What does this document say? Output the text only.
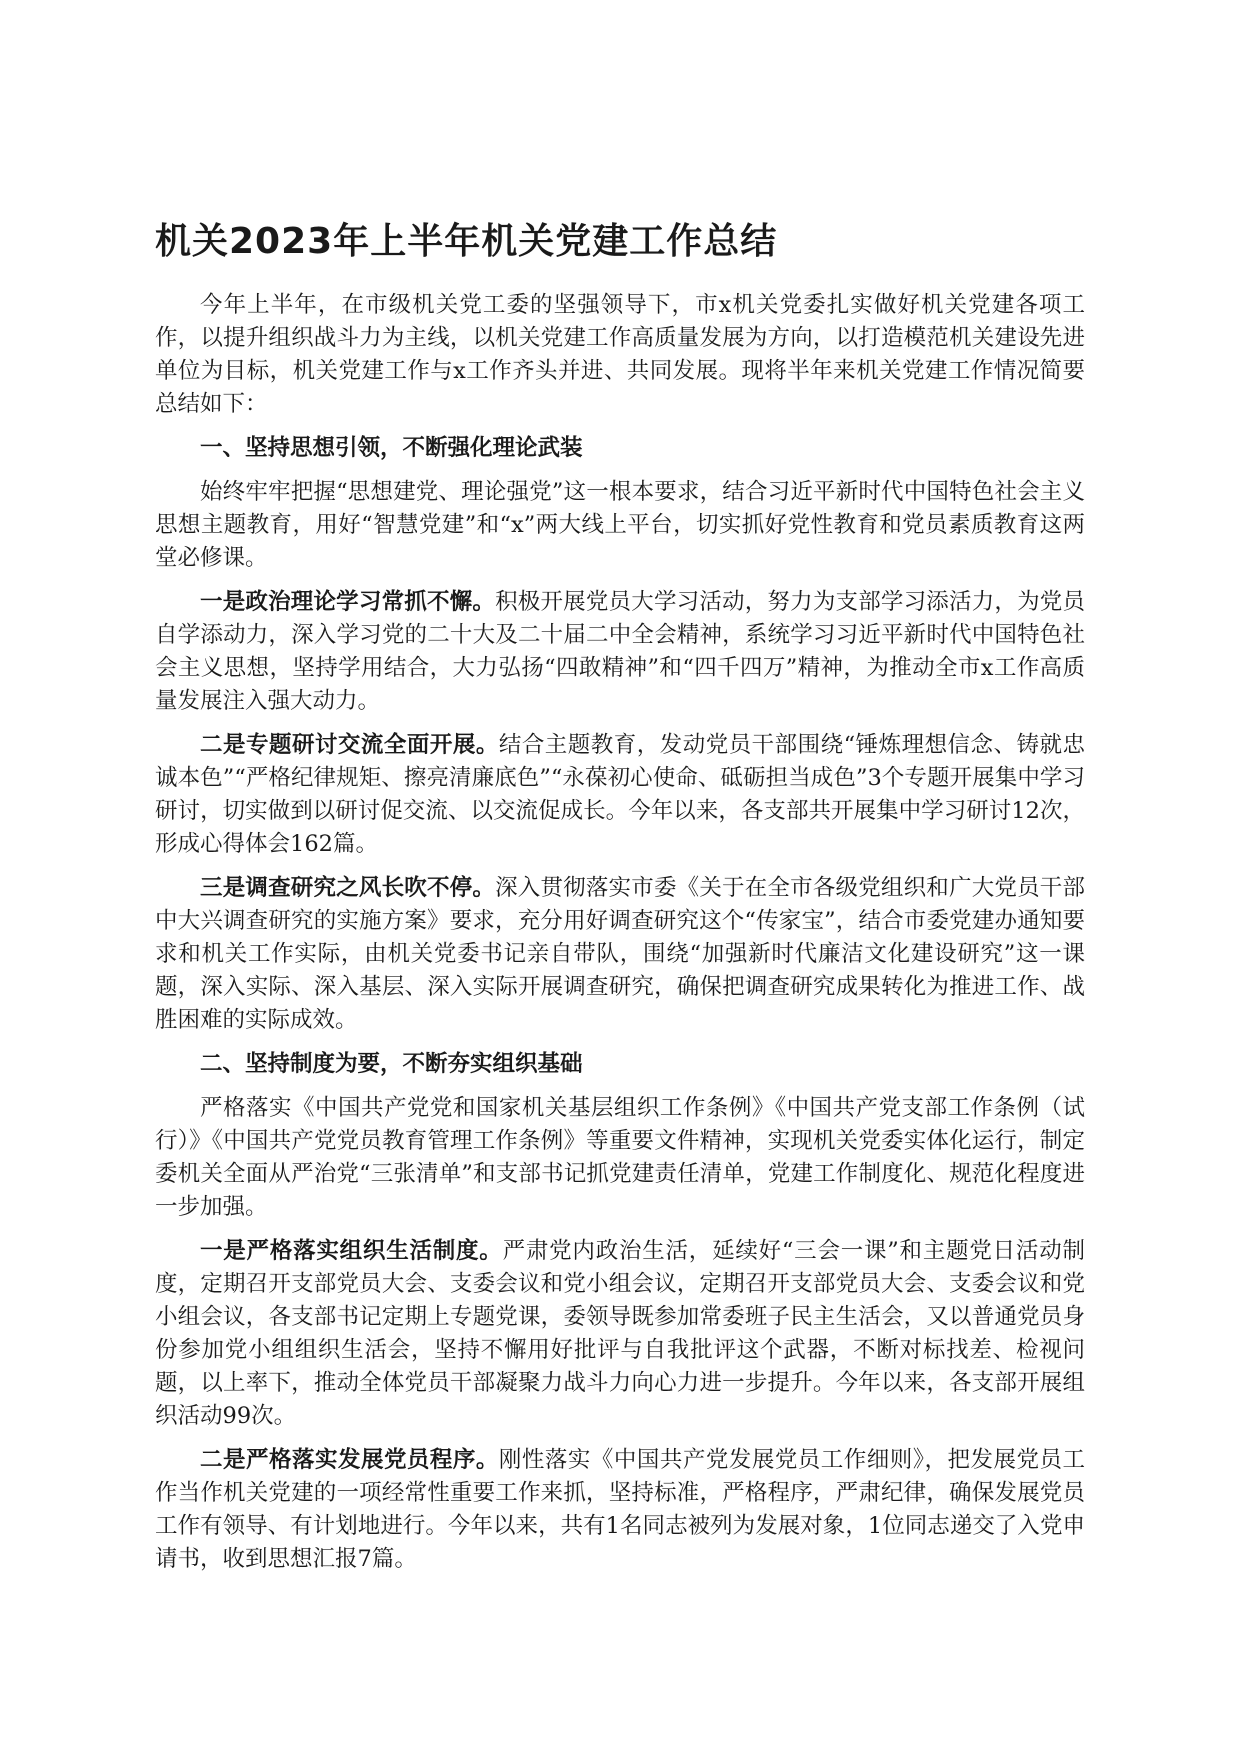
机关2023年上半年机关党建工作总结

今年上半年，在市级机关党工委的坚强领导下，市x机关党委扎实做好机关党建各项工作，以提升组织战斗力为主线，以机关党建工作高质量发展为方向，以打造模范机关建设先进单位为目标，机关党建工作与x工作齐头并进、共同发展。现将半年来机关党建工作情况简要总结如下：

一、坚持思想引领，不断强化理论武装

始终牢牢把握“思想建党、理论强党”这一根本要求，结合习近平新时代中国特色社会主义思想主题教育，用好“智慧党建”和“x”两大线上平台，切实抓好党性教育和党员素质教育这两堂必修课。

一是政治理论学习常抓不懈。积极开展党员大学习活动，努力为支部学习添活力，为党员自学添动力，深入学习党的二十大及二十届二中全会精神，系统学习习近平新时代中国特色社会主义思想，坚持学用结合，大力弘扬“四敢精神”和“四千四万”精神，为推动全市x工作高质量发展注入强大动力。

二是专题研讨交流全面开展。结合主题教育，发动党员干部围绕“锤炼理想信念、铸就忠诚本色”“严格纪律规矩、擦亮清廉底色”“永葆初心使命、砥砺担当成色”3个专题开展集中学习研讨，切实做到以研讨促交流、以交流促成长。今年以来，各支部共开展集中学习研讨12次，形成心得体会162篇。

三是调查研究之风长吹不停。深入贯彻落实市委《关于在全市各级党组织和广大党员干部中大兴调查研究的实施方案》要求，充分用好调查研究这个“传家宝”，结合市委党建办通知要求和机关工作实际，由机关党委书记亲自带队，围绕“加强新时代廉洁文化建设研究”这一课题，深入实际、深入基层、深入实际开展调查研究，确保把调查研究成果转化为推进工作、战胜困难的实际成效。

二、坚持制度为要，不断夯实组织基础

严格落实《中国共产党党和国家机关基层组织工作条例》《中国共产党支部工作条例（试行）》《中国共产党党员教育管理工作条例》等重要文件精神，实现机关党委实体化运行，制定委机关全面从严治党“三张清单”和支部书记抓党建责任清单，党建工作制度化、规范化程度进一步加强。

一是严格落实组织生活制度。严肃党内政治生活，延续好“三会一课”和主题党日活动制度，定期召开支部党员大会、支委会议和党小组会议，定期召开支部党员大会、支委会议和党小组会议，各支部书记定期上专题党课，委领导既参加常委班子民主生活会，又以普通党员身份参加党小组组织生活会，坚持不懈用好批评与自我批评这个武器，不断对标找差、检视问题，以上率下，推动全体党员干部凝聚力战斗力向心力进一步提升。今年以来，各支部开展组织活动99次。

二是严格落实发展党员程序。刚性落实《中国共产党发展党员工作细则》，把发展党员工作当作机关党建的一项经常性重要工作来抓，坚持标准，严格程序，严肃纪律，确保发展党员工作有领导、有计划地进行。今年以来，共有1名同志被列为发展对象，1位同志递交了入党申请书，收到思想汇报7篇。
